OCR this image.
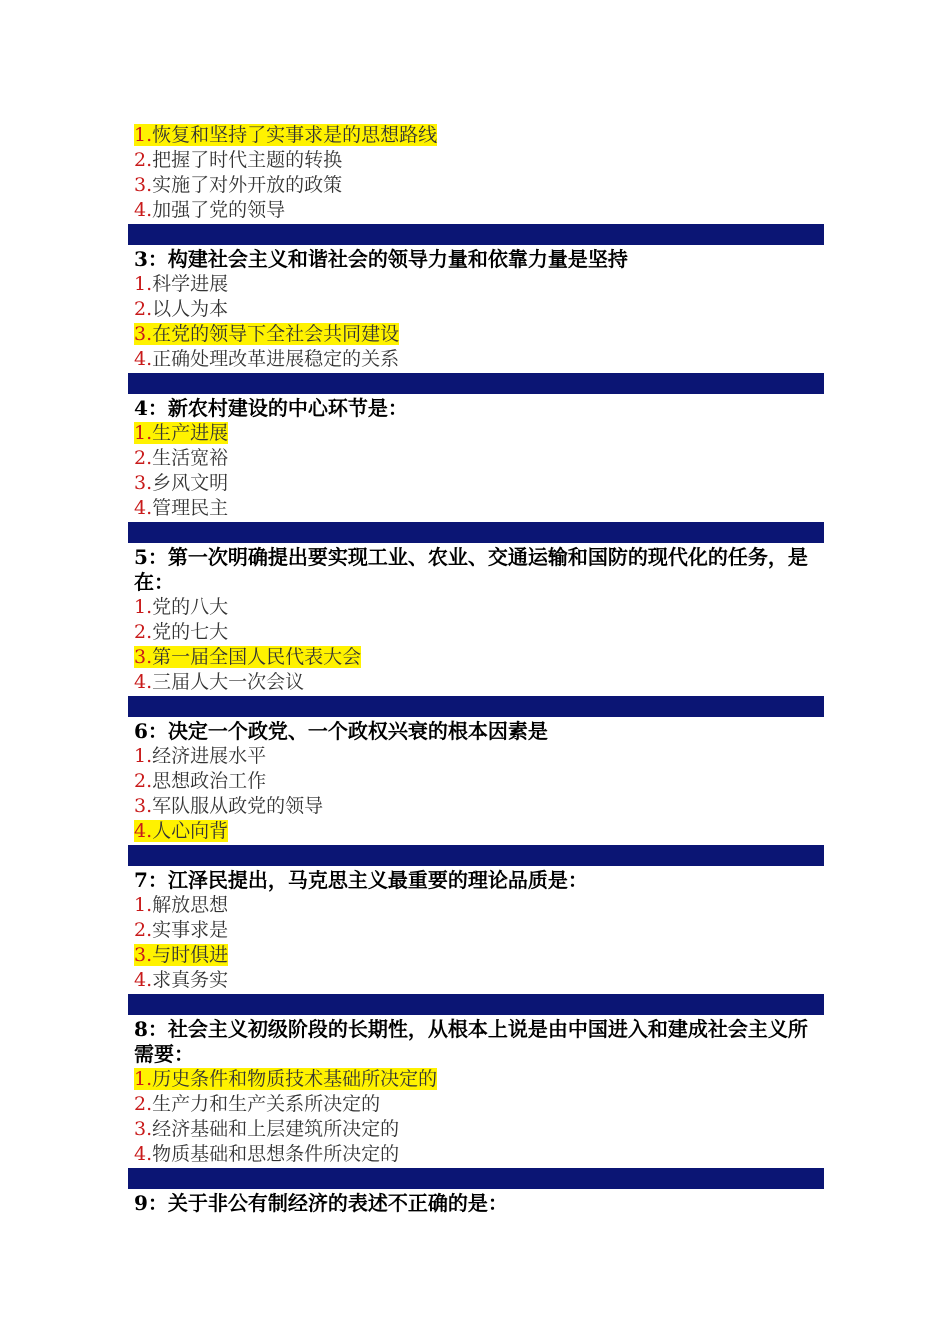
1.恢复和坚持了实事求是的思想路线
2.把握了时代主题的转换
3.实施了对外开放的政策
4.加强了党的领导

3：构建社会主义和谐社会的领导力量和依靠力量是坚持

1.科学进展
2.以人为本
3.在党的领导下全社会共同建设
4.正确处理改革进展稳定的关系

4：新农村建设的中心环节是：

1.生产进展
2.生活宽裕
3.乡风文明
4.管理民主

5：第一次明确提出要实现工业、农业、交通运输和国防的现代化的任务，是在：

1.党的八大
2.党的七大
3.第一届全国人民代表大会
4.三届人大一次会议

6：决定一个政党、一个政权兴衰的根本因素是

1.经济进展水平
2.思想政治工作
3.军队服从政党的领导
4.人心向背

7：江泽民提出，马克思主义最重要的理论品质是：

1.解放思想
2.实事求是
3.与时俱进
4.求真务实

8：社会主义初级阶段的长期性，从根本上说是由中国进入和建成社会主义所需要：

1.历史条件和物质技术基础所决定的
2.生产力和生产关系所决定的
3.经济基础和上层建筑所决定的
4.物质基础和思想条件所决定的

9：关于非公有制经济的表述不正确的是：
